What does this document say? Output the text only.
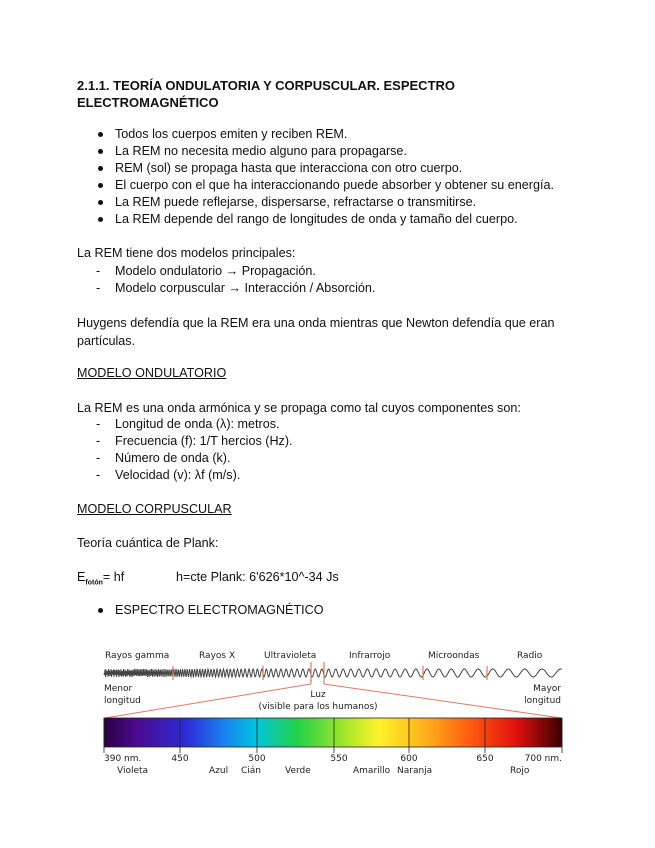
2.1.1. TEORÍA ONDULATORIA Y CORPUSCULAR. ESPECTRO
ELECTROMAGNÉTICO
Todos los cuerpos emiten y reciben REM.
La REM no necesita medio alguno para propagarse.
REM (sol) se propaga hasta que interacciona con otro cuerpo.
El cuerpo con el que ha interaccionando puede absorber y obtener su energía.
La REM puede reflejarse, dispersarse, refractarse o transmitirse.
La REM depende del rango de longitudes de onda y tamaño del cuerpo.
La REM tiene dos modelos principales:
- Modelo ondulatorio → Propagación.
- Modelo corpuscular → Interacción / Absorción.
Huygens defendía que la REM era una onda mientras que Newton defendía que eran partículas.
MODELO ONDULATORIO
La REM es una onda armónica y se propaga como tal cuyos componentes son:
- Longitud de onda (λ): metros.
- Frecuencia (f): 1/T hercios (Hz).
- Número de onda (k).
- Velocidad (v): λf (m/s).
MODELO CORPUSCULAR
Teoría cuántica de Plank:
$E_{fotón}=$ hf	h=cte Plank: 6'626*10^-34 Js
ESPECTRO ELECTROMAGNÉTICO
Rayos gamma	Rayos X	Ultravioleta	Infrarrojo	Microondas	Radio
Menor
longitud
Mayor
longitud
Luz
(visible para los humanos)
390 nm.	450	500	550	600	650	700 nm.
Violeta	Azul Cián	Verde	Amarillo Naranja	Rojo
